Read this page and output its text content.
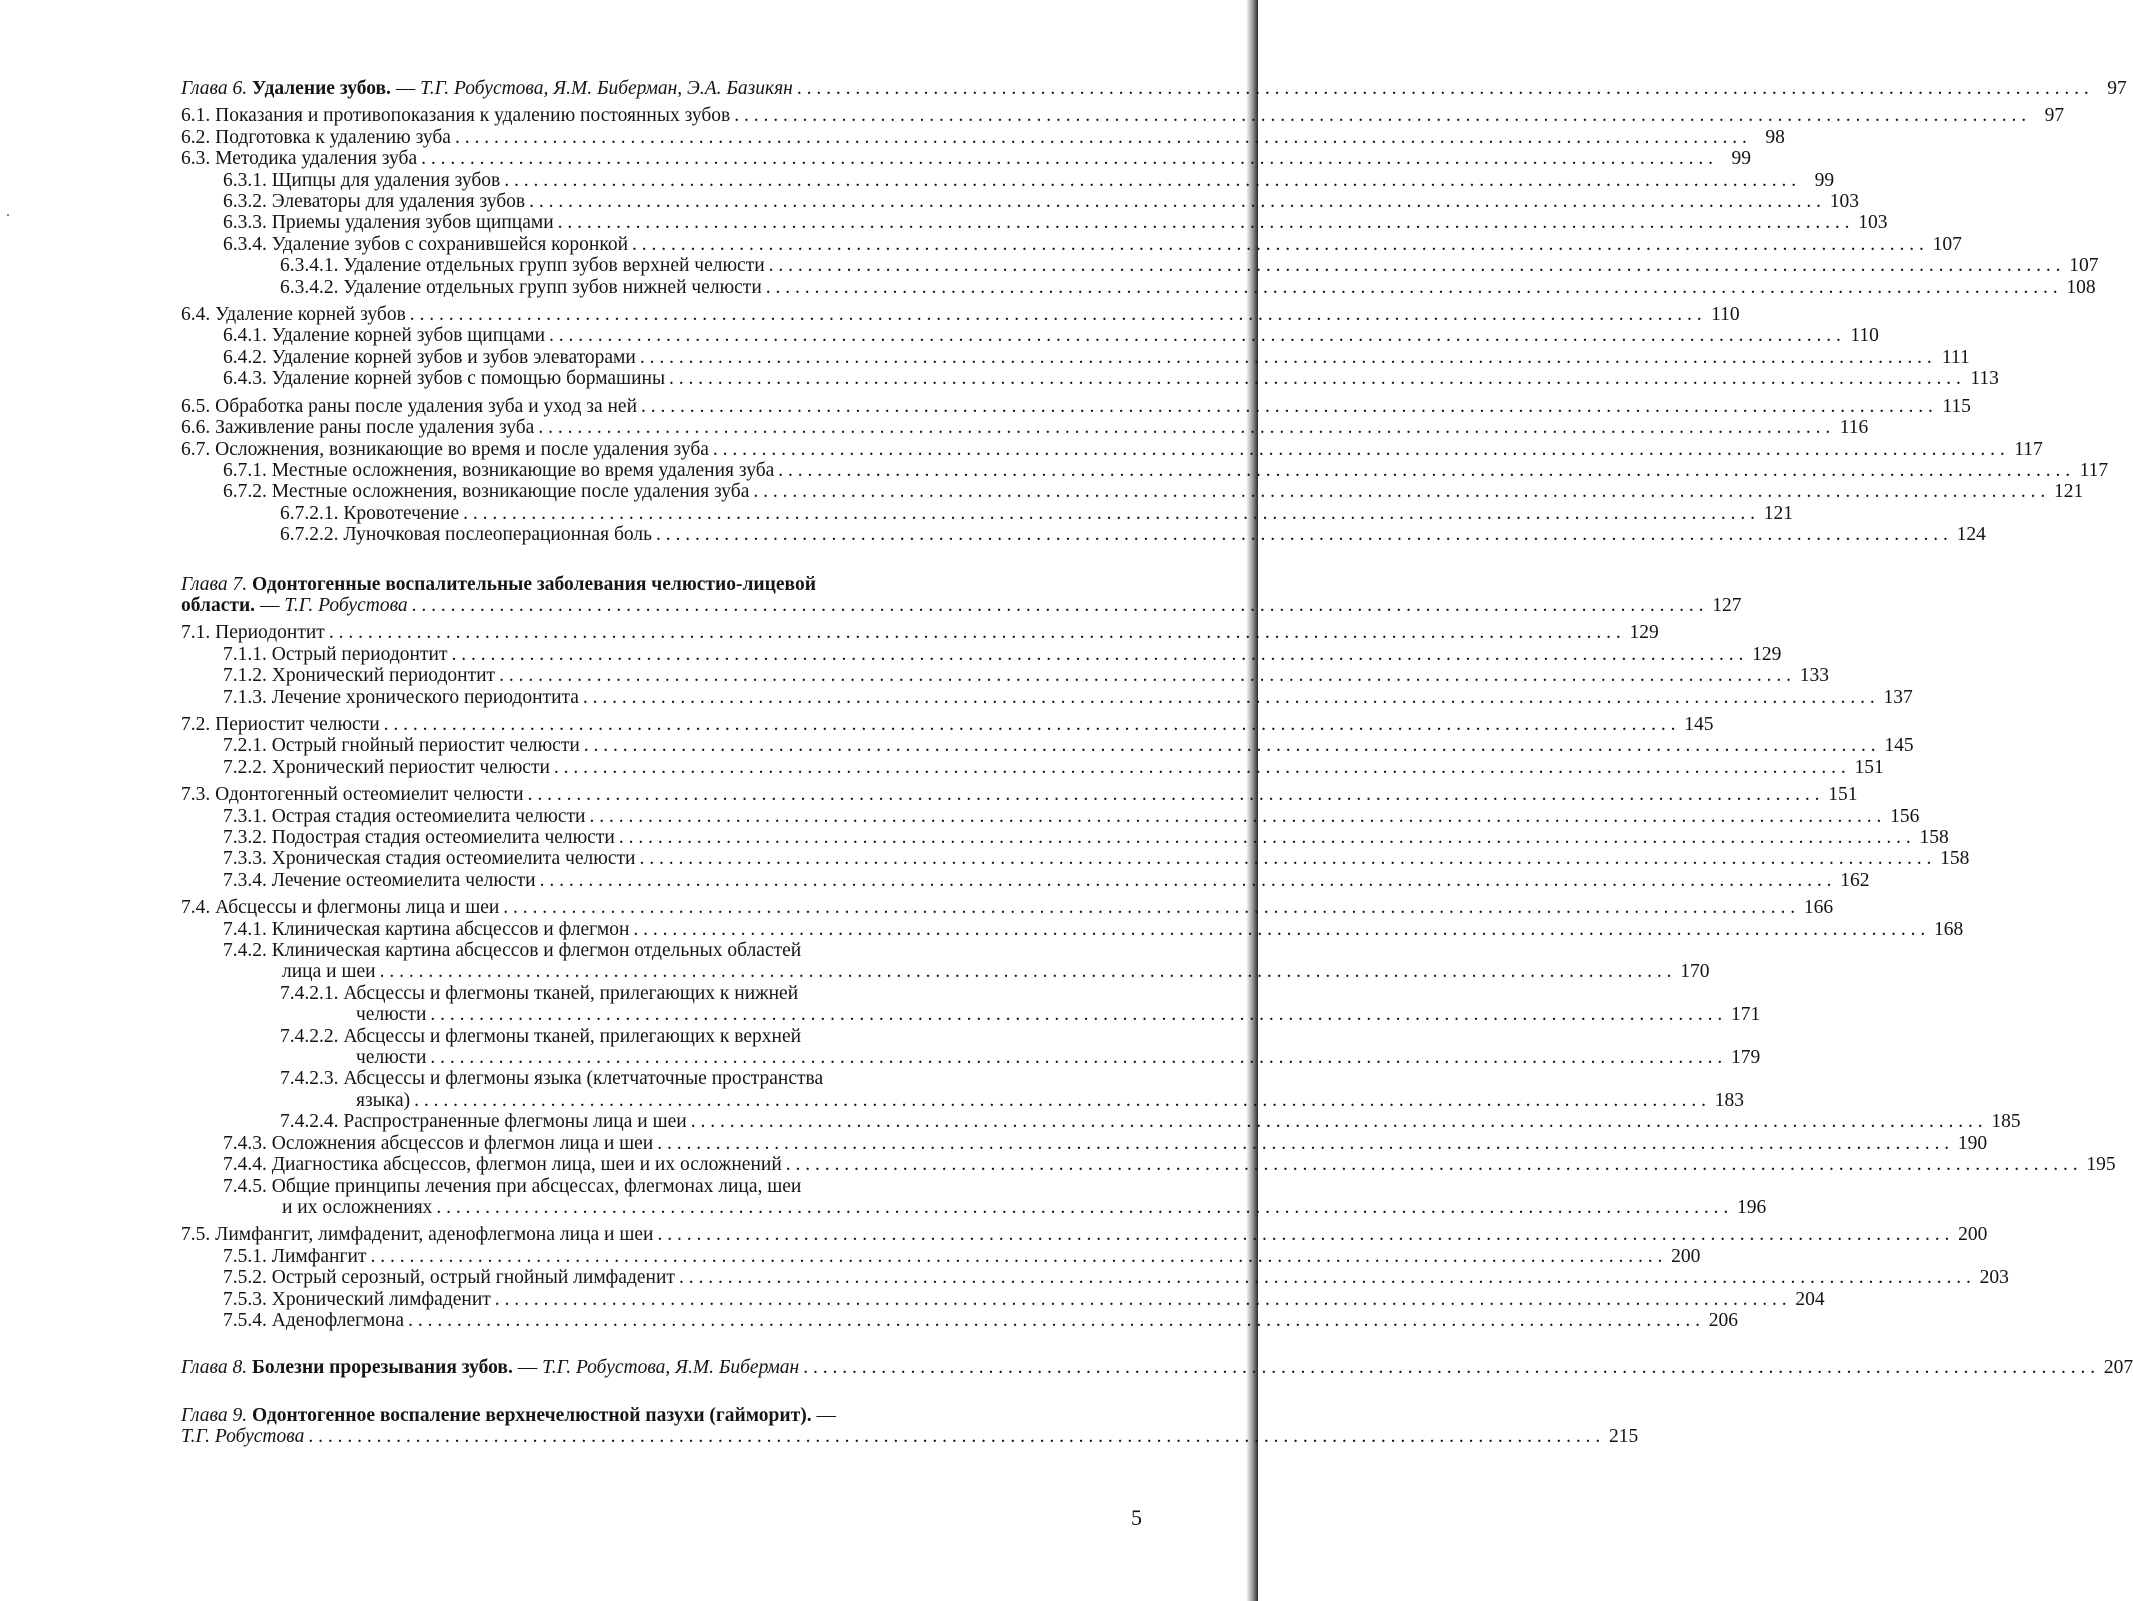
Глава 6. Удаление зубов. — Т.Г. Робустова, Я.М. Биберман, Э.А. Базикян . . .	97
6.1. Показания и противопоказания к удалению постоянных зубов . . .	97
6.2. Подготовка к удалению зуба . . .	98
6.3. Методика удаления зуба . . .	99
6.3.1. Щипцы для удаления зубов . . .	99
6.3.2. Элеваторы для удаления зубов . . .	103
6.3.3. Приемы удаления зубов щипцами . . .	103
6.3.4. Удаление зубов с сохранившейся коронкой . . .	107
6.3.4.1. Удаление отдельных групп зубов верхней челюсти . . .	107
6.3.4.2. Удаление отдельных групп зубов нижней челюсти . . .	108
6.4. Удаление корней зубов . . .	110
6.4.1. Удаление корней зубов щипцами . . .	110
6.4.2. Удаление корней зубов и зубов элеваторами . . .	111
6.4.3. Удаление корней зубов с помощью бормашины . . .	113
6.5. Обработка раны после удаления зуба и уход за ней . . .	115
6.6. Заживление раны после удаления зуба . . .	116
6.7. Осложнения, возникающие во время и после удаления зуба . . .	117
6.7.1. Местные осложнения, возникающие во время удаления зуба . . .	117
6.7.2. Местные осложнения, возникающие после удаления зуба . . .	121
6.7.2.1. Кровотечение . . .	121
6.7.2.2. Луночковая послеоперационная боль . . .	124
Глава 7. Одонтогенные воспалительные заболевания челюстио-лицевой
области. — Т.Г. Робустова . . .	127
7.1. Периодонтит . . .	129
7.1.1. Острый периодонтит . . .	129
7.1.2. Хронический периодонтит . . .	133
7.1.3. Лечение хронического периодонтита . . .	137
7.2. Периостит челюсти . . .	145
7.2.1. Острый гнойный периостит челюсти . . .	145
7.2.2. Хронический периостит челюсти . . .	151
7.3. Одонтогенный остеомиелит челюсти . . .	151
7.3.1. Острая стадия остеомиелита челюсти . . .	156
7.3.2. Подострая стадия остеомиелита челюсти . . .	158
7.3.3. Хроническая стадия остеомиелита челюсти . . .	158
7.3.4. Лечение остеомиелита челюсти . . .	162
7.4. Абсцессы и флегмоны лица и шеи . . .	166
7.4.1. Клиническая картина абсцессов и флегмон . . .	168
7.4.2. Клиническая картина абсцессов и флегмон отдельных областей
лица и шеи . . .	170
7.4.2.1. Абсцессы и флегмоны тканей, прилегающих к нижней
челюсти . . .	171
7.4.2.2. Абсцессы и флегмоны тканей, прилегающих к верхней
челюсти . . .	179
7.4.2.3. Абсцессы и флегмоны языка (клетчаточные пространства
языка) . . .	183
7.4.2.4. Распространенные флегмоны лица и шеи . . .	185
7.4.3. Осложнения абсцессов и флегмон лица и шеи . . .	190
7.4.4. Диагностика абсцессов, флегмон лица, шеи и их осложнений . . .	195
7.4.5. Общие принципы лечения при абсцессах, флегмонах лица, шеи
и их осложнениях . . .	196
7.5. Лимфангит, лимфаденит, аденофлегмона лица и шеи . . .	200
7.5.1. Лимфангит . . .	200
7.5.2. Острый серозный, острый гнойный лимфаденит . . .	203
7.5.3. Хронический лимфаденит . . .	204
7.5.4. Аденофлегмона . . .	206
Глава 8. Болезни прорезывания зубов. — Т.Г. Робустова, Я.М. Биберман . . .	207
Глава 9. Одонтогенное воспаление верхнечелюстной пазухи (гайморит). —
Т.Г. Робустова . . .	215
5
